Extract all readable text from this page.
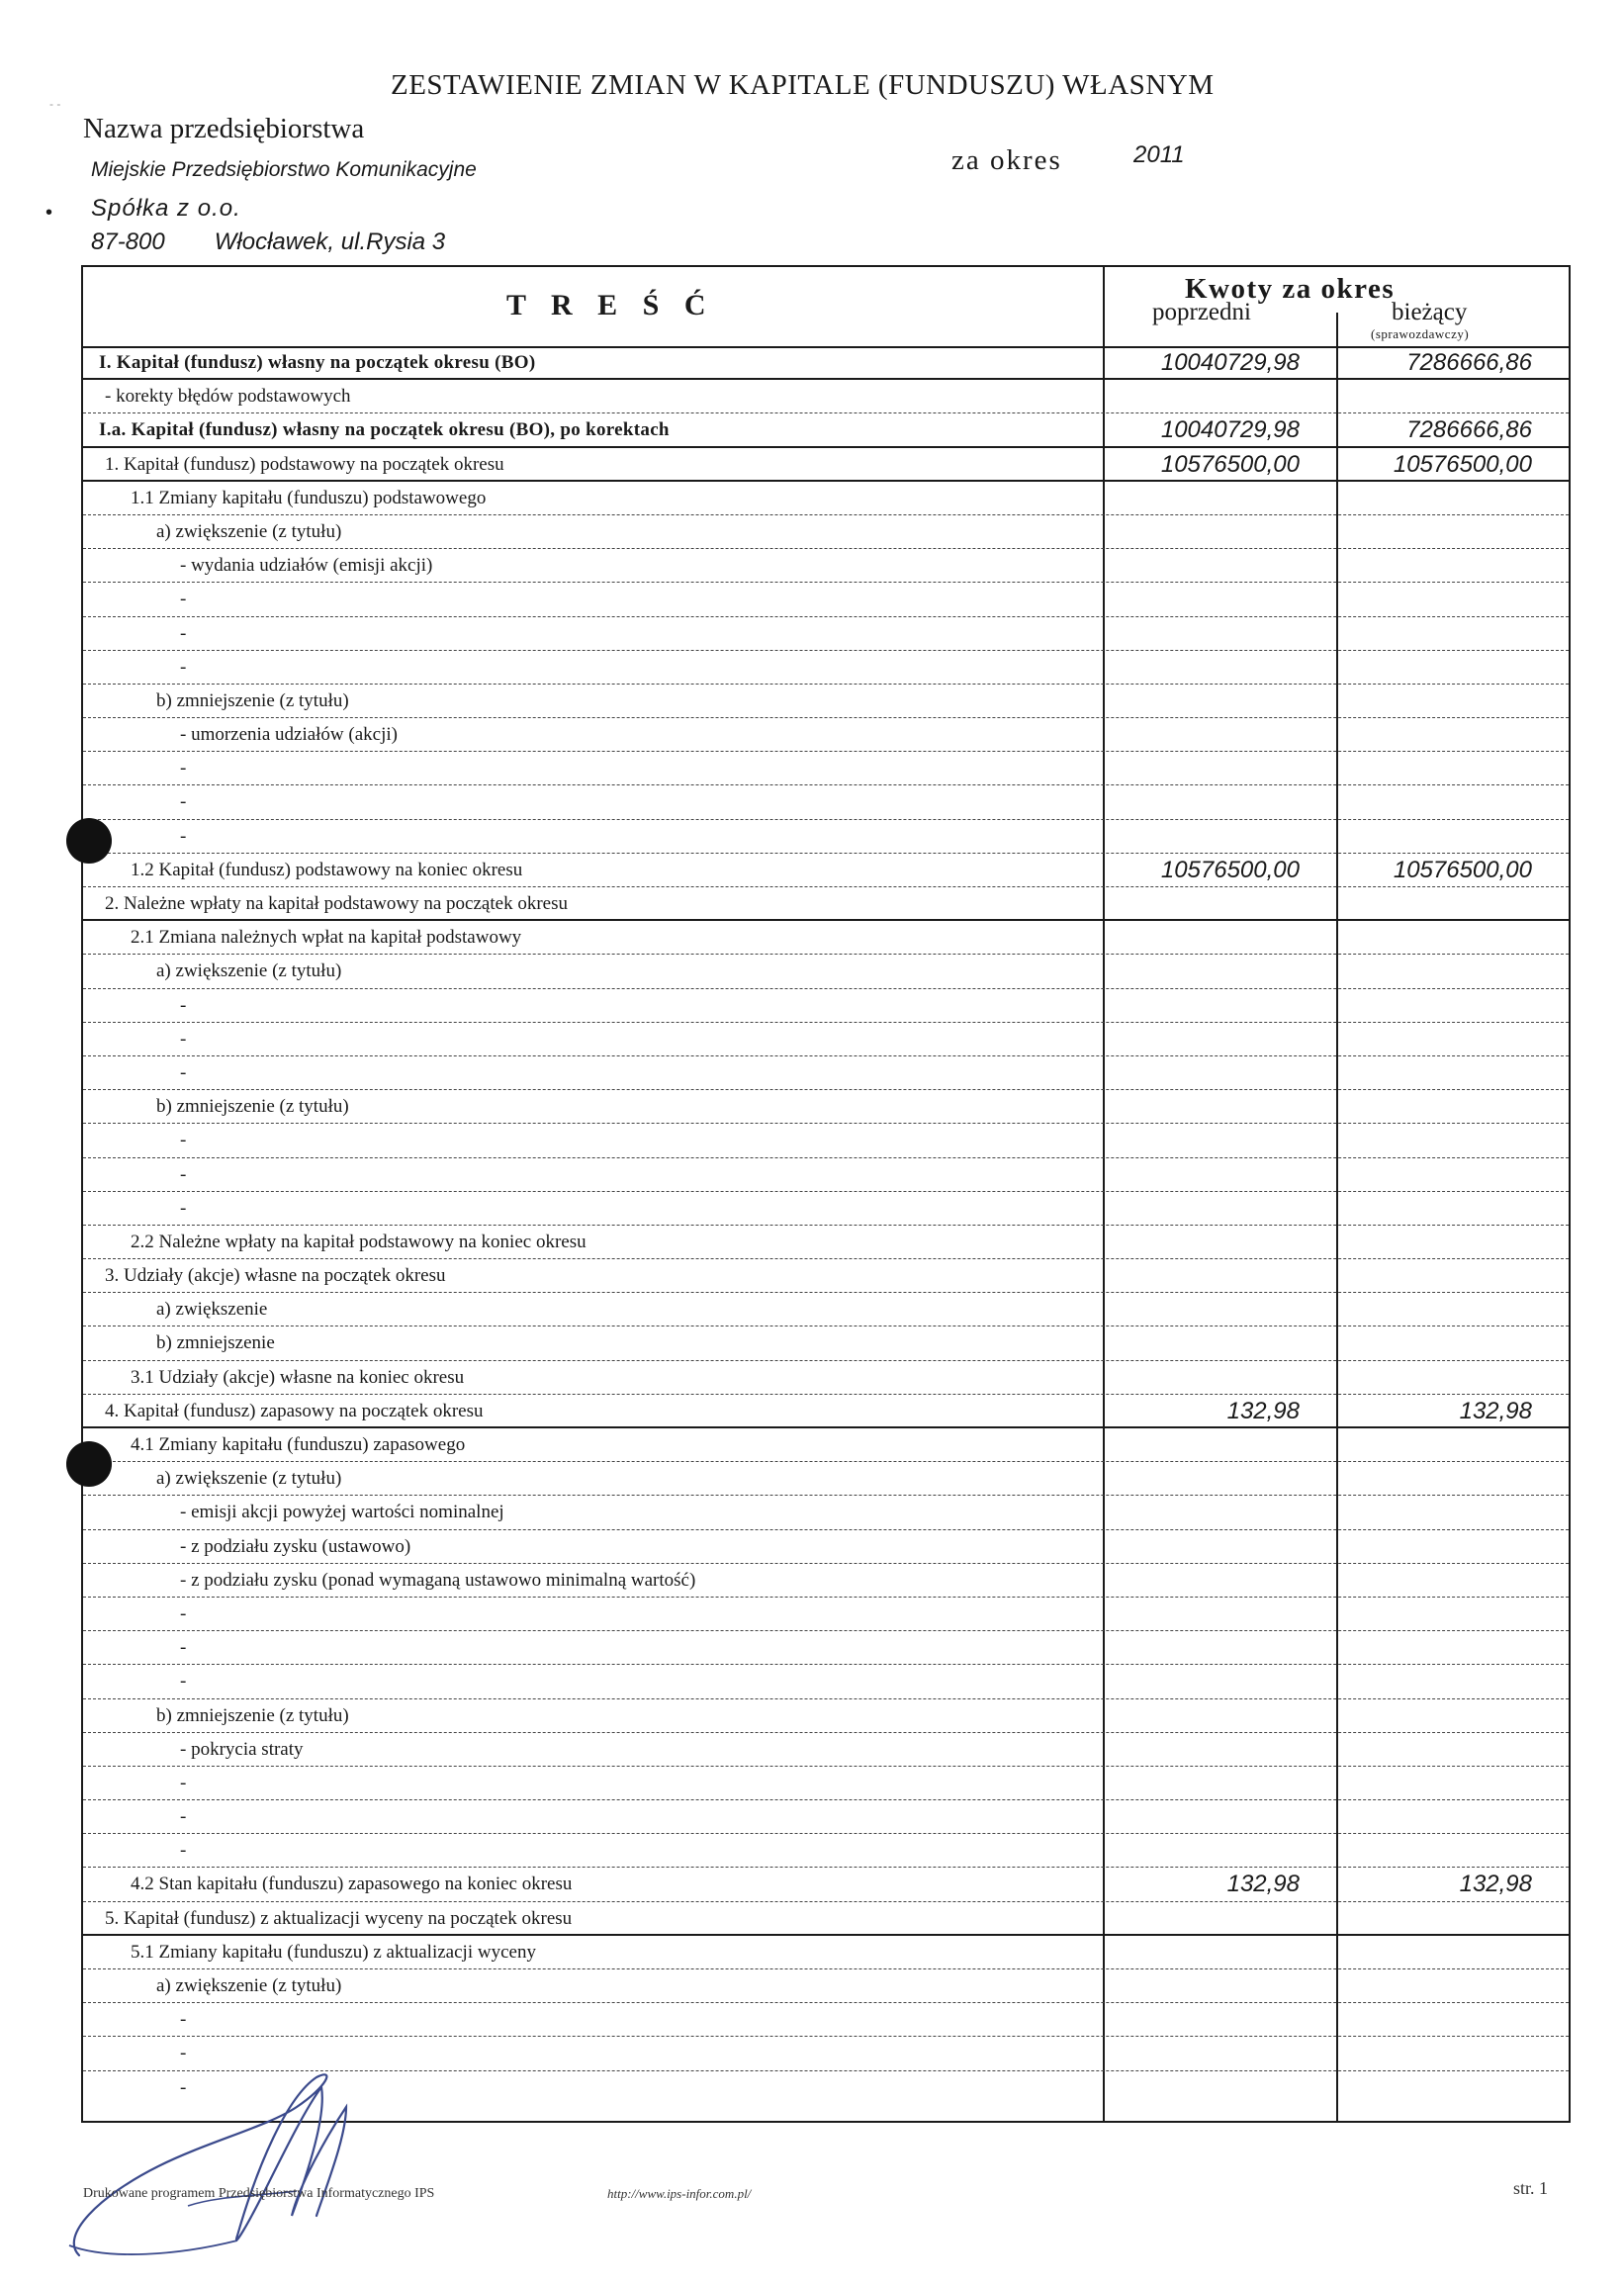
- -
ZESTAWIENIE ZMIAN W KAPITALE (FUNDUSZU) WŁASNYM
Nazwa przedsiębiorstwa
Miejskie Przedsiębiorstwo Komunikacyjne
• Spółka z o.o.
87-800 Włocławek, ul.Rysia 3
za okres	2011
T R E Ś Ć	Kwoty za okres
poprzedni	bieżący
(sprawozdawczy)
I. Kapitał (fundusz) własny na początek okresu (BO)	10040729,98	7286666,86
- korekty błędów podstawowych
I.a. Kapitał (fundusz) własny na początek okresu (BO), po korektach	10040729,98	7286666,86
1. Kapitał (fundusz) podstawowy na początek okresu	10576500,00	10576500,00
1.1 Zmiany kapitału (funduszu) podstawowego
a) zwiększenie (z tytułu)
- wydania udziałów (emisji akcji)
-
-
-
b) zmniejszenie (z tytułu)
- umorzenia udziałów (akcji)
-
-
-
1.2 Kapitał (fundusz) podstawowy na koniec okresu	10576500,00	10576500,00
2. Należne wpłaty na kapitał podstawowy na początek okresu
2.1 Zmiana należnych wpłat na kapitał podstawowy
a) zwiększenie (z tytułu)
-
-
-
b) zmniejszenie (z tytułu)
-
-
-
2.2 Należne wpłaty na kapitał podstawowy na koniec okresu
3. Udziały (akcje) własne na początek okresu
a) zwiększenie
b) zmniejszenie
3.1 Udziały (akcje) własne na koniec okresu
4. Kapitał (fundusz) zapasowy na początek okresu	132,98	132,98
4.1 Zmiany kapitału (funduszu) zapasowego
a) zwiększenie (z tytułu)
- emisji akcji powyżej wartości nominalnej
- z podziału zysku (ustawowo)
- z podziału zysku (ponad wymaganą ustawowo minimalną wartość)
-
-
-
b) zmniejszenie (z tytułu)
- pokrycia straty
-
-
-
4.2 Stan kapitału (funduszu) zapasowego na koniec okresu	132,98	132,98
5. Kapitał (fundusz) z aktualizacji wyceny na początek okresu
5.1 Zmiany kapitału (funduszu) z aktualizacji wyceny
a) zwiększenie (z tytułu)
-
-
-
Drukowane programem Przedsiębiorstwa Informatycznego IPS	http://www.ips-infor.com.pl/	str. 1
